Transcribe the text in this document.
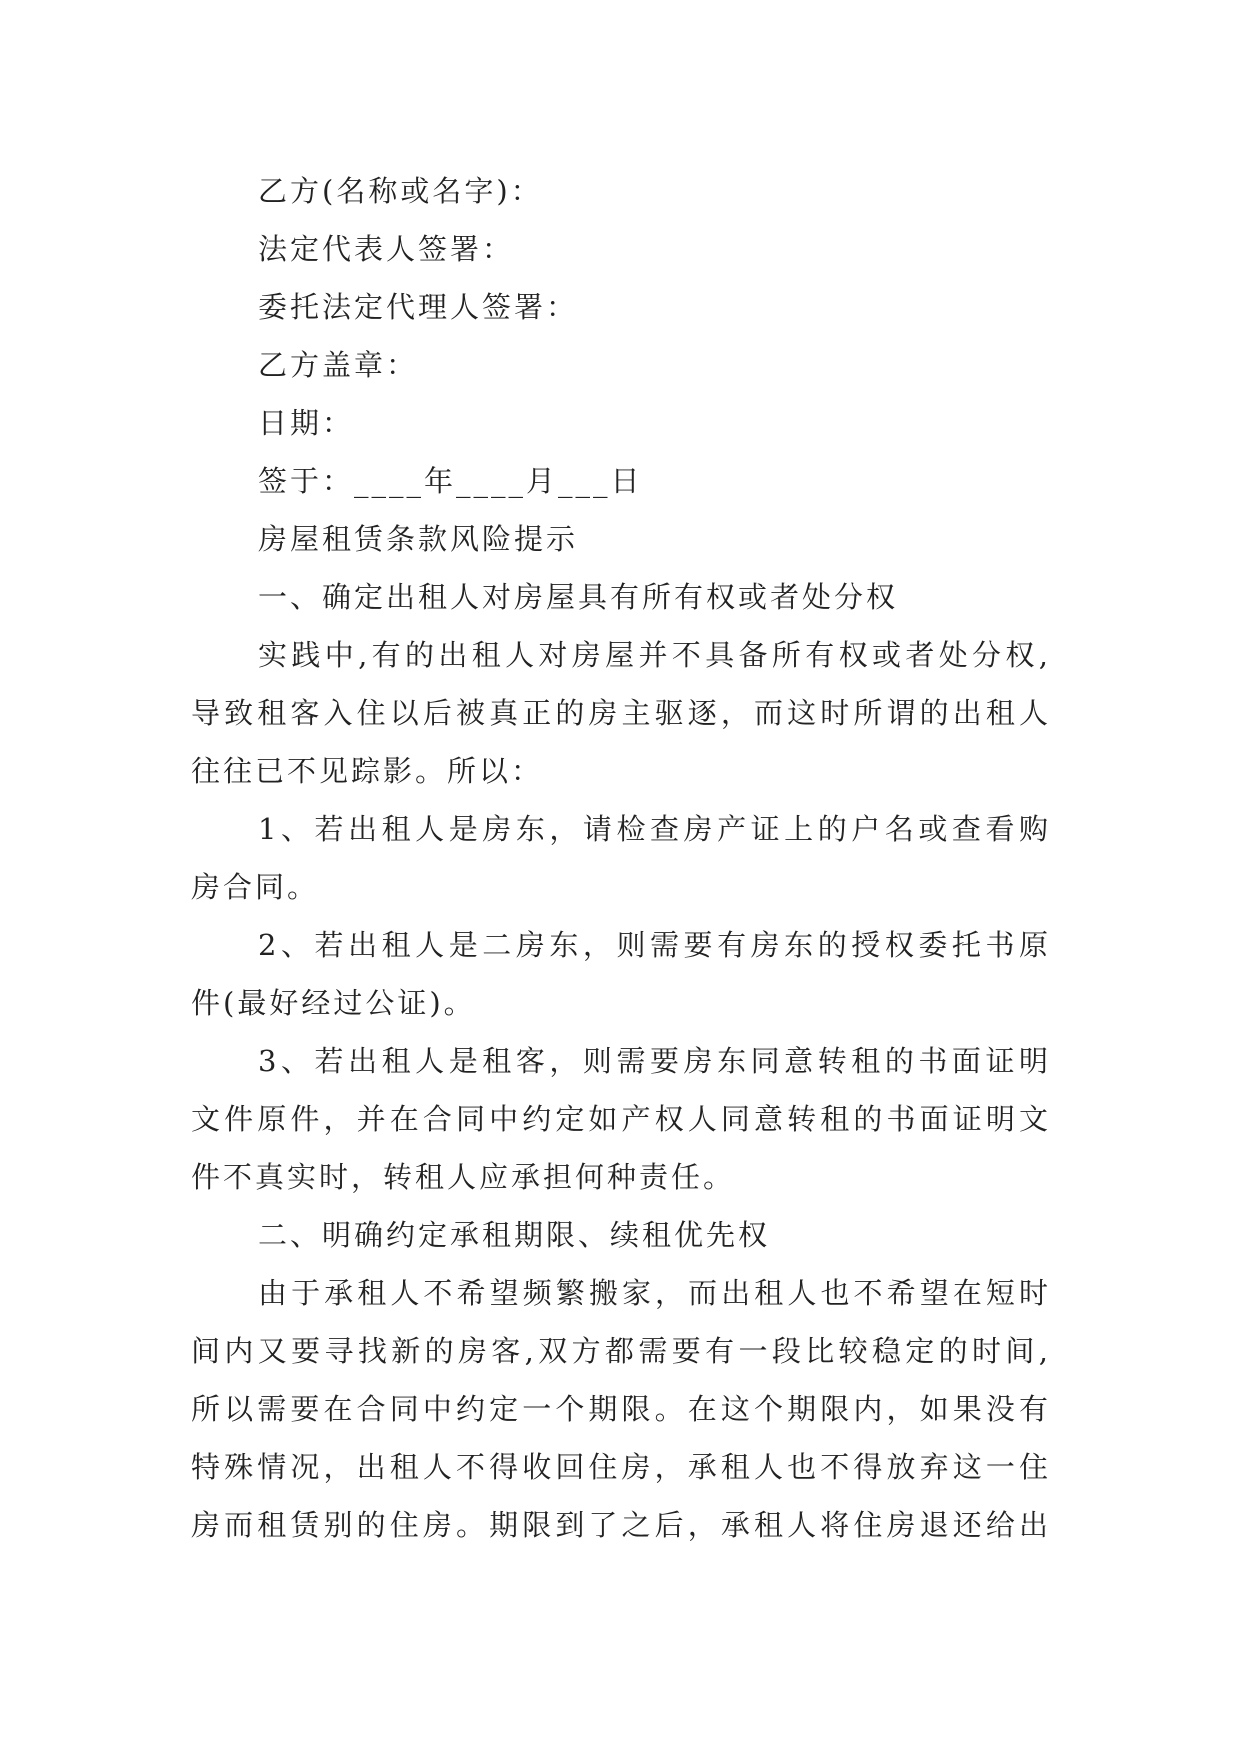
乙方(名称或名字)：
法定代表人签署：
委托法定代理人签署：
乙方盖章：
日期：
签于：____年____月___日
房屋租赁条款风险提示
一、确定出租人对房屋具有所有权或者处分权
实践中,有的出租人对房屋并不具备所有权或者处分权,
导致租客入住以后被真正的房主驱逐，而这时所谓的出租人
往往已不见踪影。所以：
1、若出租人是房东，请检查房产证上的户名或查看购
房合同。
2、若出租人是二房东，则需要有房东的授权委托书原
件(最好经过公证)。
3、若出租人是租客，则需要房东同意转租的书面证明
文件原件，并在合同中约定如产权人同意转租的书面证明文
件不真实时，转租人应承担何种责任。
二、明确约定承租期限、续租优先权
由于承租人不希望频繁搬家，而出租人也不希望在短时
间内又要寻找新的房客,双方都需要有一段比较稳定的时间,
所以需要在合同中约定一个期限。在这个期限内，如果没有
特殊情况，出租人不得收回住房，承租人也不得放弃这一住
房而租赁别的住房。期限到了之后，承租人将住房退还给出
